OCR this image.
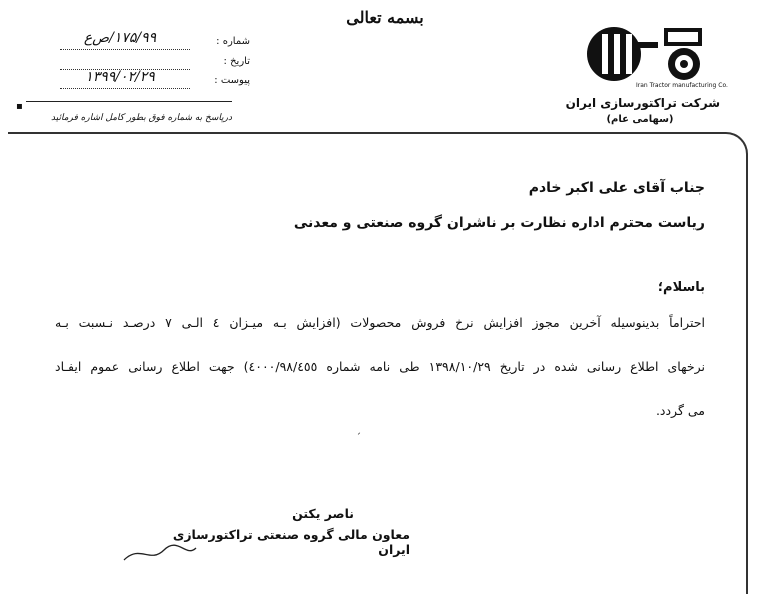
بسمه تعالی
Iran Tractor manufacturing Co.
شرکت تراکتورسازی ایران
(سهامی عام)
شماره :
۱۷۵/۹۹/ص‌ع
تاریخ :
پیوست :
۱۳۹۹/۰۲/۲۹
▪
درپاسخ به شماره فوق بطور کامل اشاره فرمائید
جناب آقای علی اکبر خادم
ریاست محترم اداره نظارت بر ناشران گروه صنعتی و معدنی
باسلام؛
احتراماً بدینوسیله آخرین مجوز افزایش نرخ فروش محصولات (افزایش بـه میـزان ٤ الـی ٧ درصـد نـسبت بـه
نرخهای اطلاع رسانی شده در تاریخ ۱۳۹۸/۱۰/۲۹ طی نامه شماره ٤٠٠٠/۹۸/٤٥٥) جهت اطلاع رسانی عموم ایفـاد
می گردد.
ˏ
ناصر یکتن
معاون مالی گروه صنعتی تراکتورسازی ایران
